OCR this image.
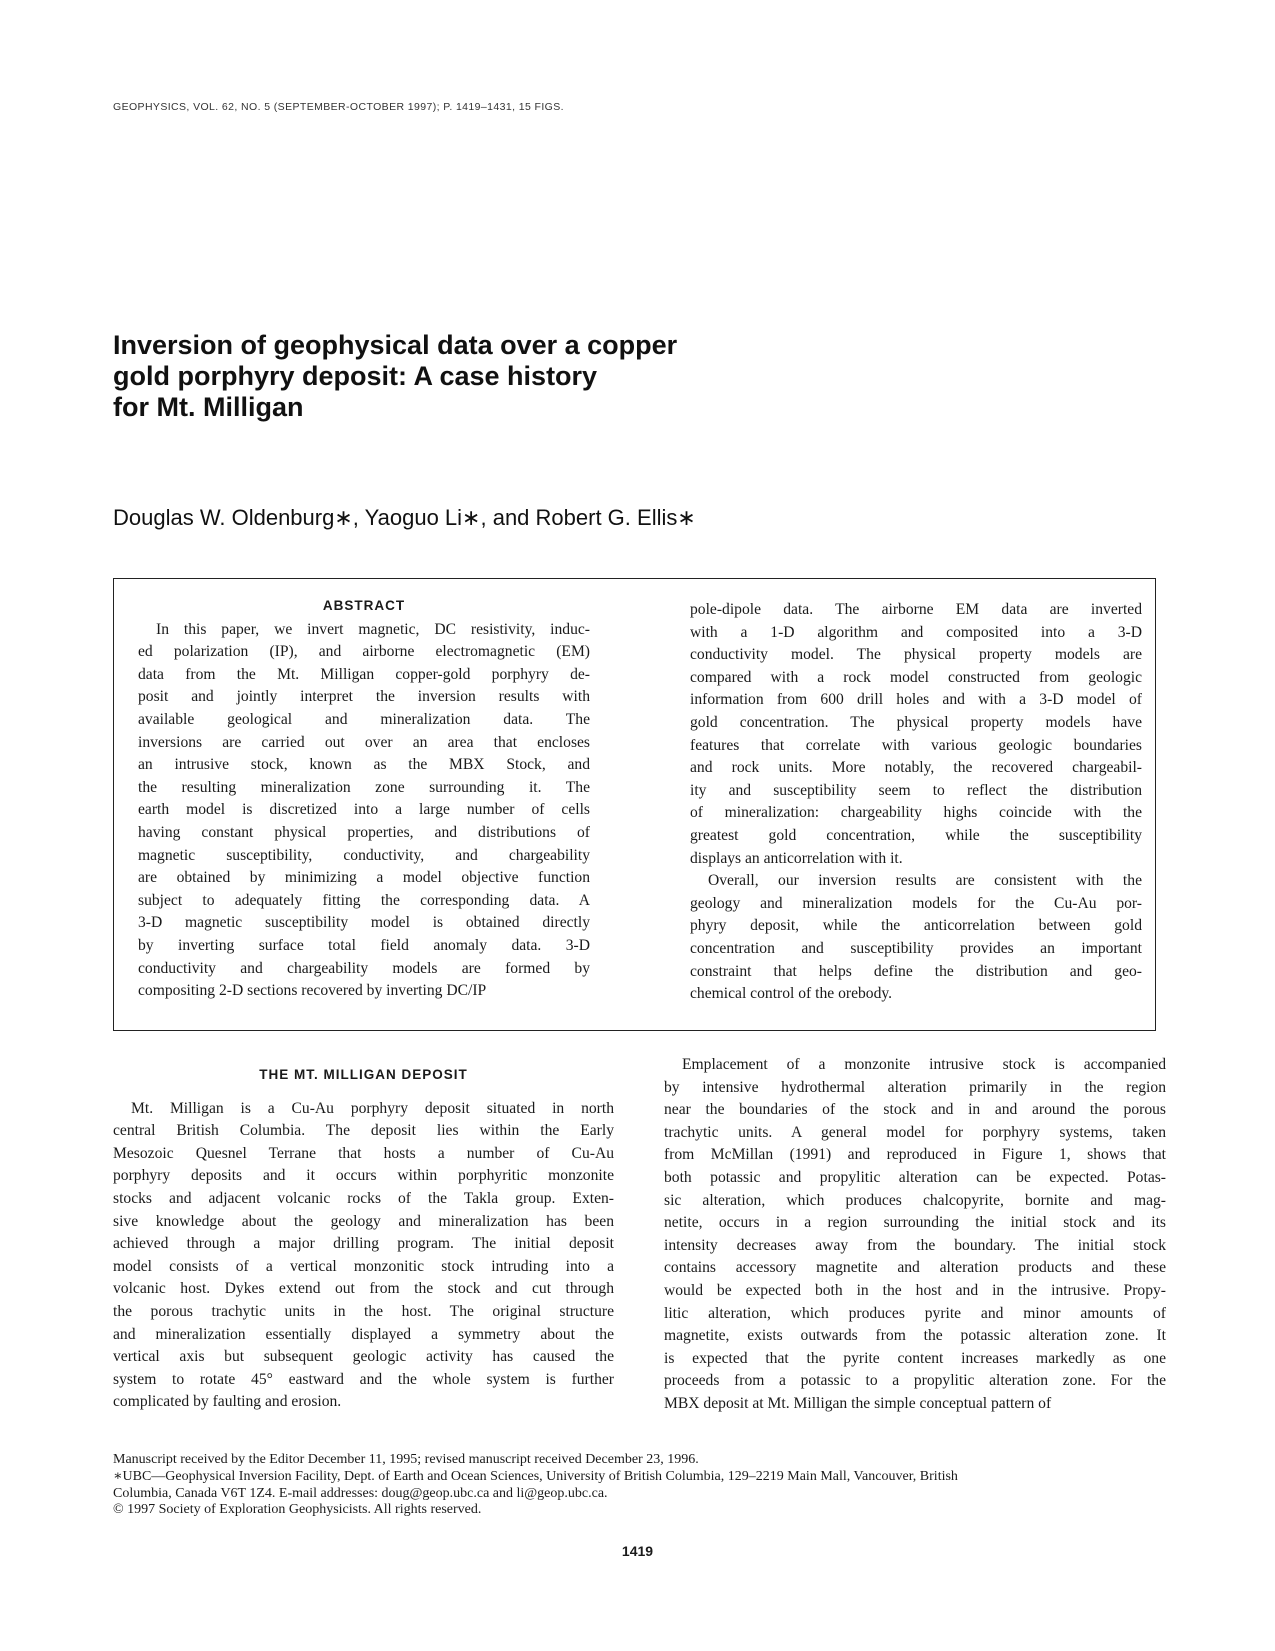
GEOPHYSICS, VOL. 62, NO. 5 (SEPTEMBER-OCTOBER 1997); P. 1419–1431, 15 FIGS.
Inversion of geophysical data over a copper
gold porphyry deposit: A case history
for Mt. Milligan
Douglas W. Oldenburg∗, Yaoguo Li∗, and Robert G. Ellis∗
ABSTRACT
In this paper, we invert magnetic, DC resistivity, induc-
ed polarization (IP), and airborne electromagnetic (EM)
data from the Mt. Milligan copper-gold porphyry de-
posit and jointly interpret the inversion results with
available geological and mineralization data. The
inversions are carried out over an area that encloses
an intrusive stock, known as the MBX Stock, and
the resulting mineralization zone surrounding it. The
earth model is discretized into a large number of cells
having constant physical properties, and distributions of
magnetic susceptibility, conductivity, and chargeability
are obtained by minimizing a model objective function
subject to adequately fitting the corresponding data. A
3-D magnetic susceptibility model is obtained directly
by inverting surface total field anomaly data. 3-D
conductivity and chargeability models are formed by
compositing 2-D sections recovered by inverting DC/IP
pole-dipole data. The airborne EM data are inverted
with a 1-D algorithm and composited into a 3-D
conductivity model. The physical property models are
compared with a rock model constructed from geologic
information from 600 drill holes and with a 3-D model of
gold concentration. The physical property models have
features that correlate with various geologic boundaries
and rock units. More notably, the recovered chargeabil-
ity and susceptibility seem to reflect the distribution
of mineralization: chargeability highs coincide with the
greatest gold concentration, while the susceptibility
displays an anticorrelation with it.
Overall, our inversion results are consistent with the
geology and mineralization models for the Cu-Au por-
phyry deposit, while the anticorrelation between gold
concentration and susceptibility provides an important
constraint that helps define the distribution and geo-
chemical control of the orebody.
THE MT. MILLIGAN DEPOSIT
Mt. Milligan is a Cu-Au porphyry deposit situated in north
central British Columbia. The deposit lies within the Early
Mesozoic Quesnel Terrane that hosts a number of Cu-Au
porphyry deposits and it occurs within porphyritic monzonite
stocks and adjacent volcanic rocks of the Takla group. Exten-
sive knowledge about the geology and mineralization has been
achieved through a major drilling program. The initial deposit
model consists of a vertical monzonitic stock intruding into a
volcanic host. Dykes extend out from the stock and cut through
the porous trachytic units in the host. The original structure
and mineralization essentially displayed a symmetry about the
vertical axis but subsequent geologic activity has caused the
system to rotate 45° eastward and the whole system is further
complicated by faulting and erosion.
Emplacement of a monzonite intrusive stock is accompanied
by intensive hydrothermal alteration primarily in the region
near the boundaries of the stock and in and around the porous
trachytic units. A general model for porphyry systems, taken
from McMillan (1991) and reproduced in Figure 1, shows that
both potassic and propylitic alteration can be expected. Potas-
sic alteration, which produces chalcopyrite, bornite and mag-
netite, occurs in a region surrounding the initial stock and its
intensity decreases away from the boundary. The initial stock
contains accessory magnetite and alteration products and these
would be expected both in the host and in the intrusive. Propy-
litic alteration, which produces pyrite and minor amounts of
magnetite, exists outwards from the potassic alteration zone. It
is expected that the pyrite content increases markedly as one
proceeds from a potassic to a propylitic alteration zone. For the
MBX deposit at Mt. Milligan the simple conceptual pattern of
Manuscript received by the Editor December 11, 1995; revised manuscript received December 23, 1996.
∗UBC—Geophysical Inversion Facility, Dept. of Earth and Ocean Sciences, University of British Columbia, 129–2219 Main Mall, Vancouver, British
Columbia, Canada V6T 1Z4. E-mail addresses: doug@geop.ubc.ca and li@geop.ubc.ca.
© 1997 Society of Exploration Geophysicists. All rights reserved.
1419
